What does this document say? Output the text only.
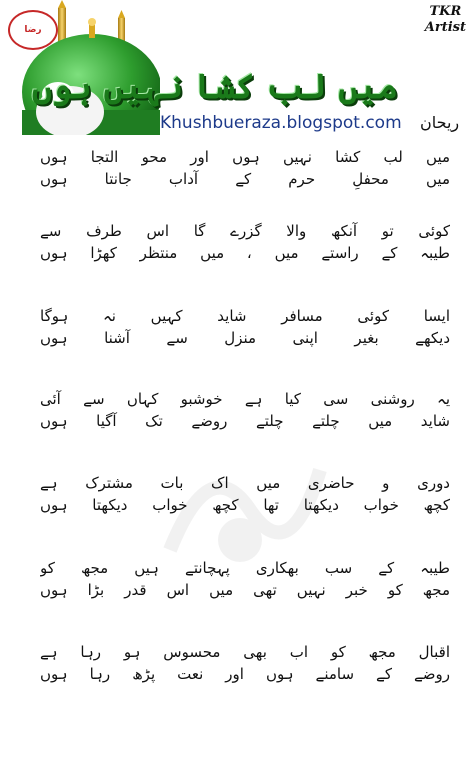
رضا
TKR
Artist
میں لب کشا نہیں ہوں
Khushbueraza.blogspot.com ریحان
میں لب کشا نہیں ہوں اور محو التجا ہوں
میں محفلِ حرم کے آداب جانتا ہوں
کوئی تو آنکھ والا گزرے گا اس طرف سے
طیبہ کے راستے میں ، میں منتظر کھڑا ہوں
ایسا کوئی مسافر شاید کہیں نہ ہوگا
دیکھے بغیر اپنی منزل سے آشنا ہوں
یہ روشنی سی کیا ہے خوشبو کہاں سے آئی
شاید میں چلتے چلتے روضے تک آگیا ہوں
دوری و حاضری میں اک بات مشترک ہے
کچھ خواب دیکھتا تھا کچھ خواب دیکھتا ہوں
طیبہ کے سب بھکاری پہچانتے ہیں مجھ کو
مجھ کو خبر نہیں تھی میں اس قدر بڑا ہوں
اقبال مجھ کو اب بھی محسوس ہو رہا ہے
روضے کے سامنے ہوں اور نعت پڑھ رہا ہوں
